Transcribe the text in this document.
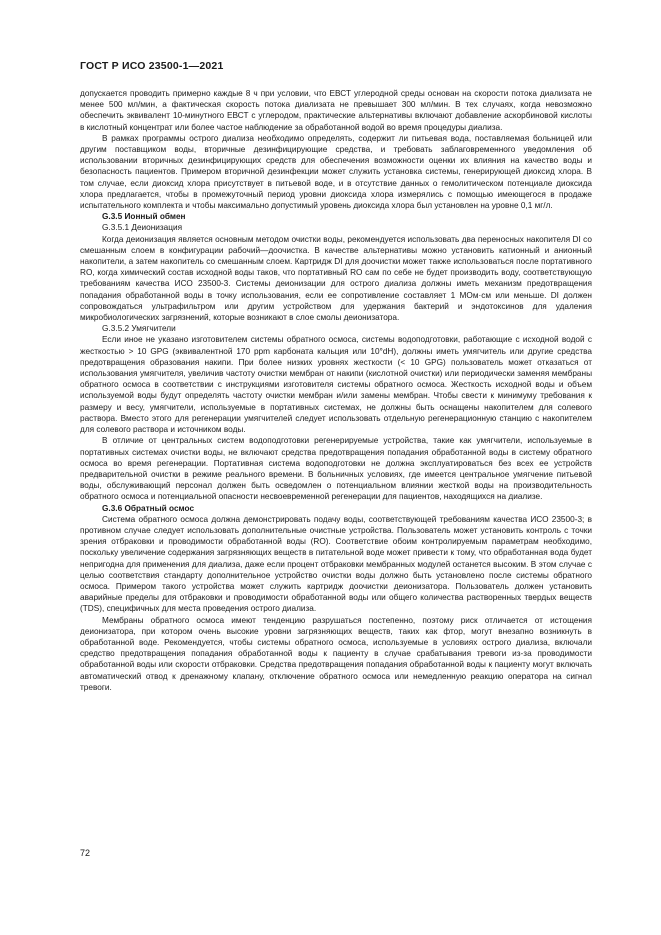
ГОСТ Р ИСО 23500-1—2021

допускается проводить примерно каждые 8 ч при условии, что ЕВСТ углеродной среды основан на скорости потока диализата не менее 500 мл/мин, а фактическая скорость потока диализата не превышает 300 мл/мин. В тех случаях, когда невозможно обеспечить эквивалент 10-минутного ЕВСТ с углеродом, практические альтернативы включают добавление аскорбиновой кислоты в кислотный концентрат или более частое наблюдение за обработанной водой во время процедуры диализа.

В рамках программы острого диализа необходимо определять, содержит ли питьевая вода, поставляемая больницей или другим поставщиком воды, вторичные дезинфицирующие средства, и требовать заблаговременного уведомления об использовании вторичных дезинфицирующих средств для обеспечения возможности оценки их влияния на качество воды и безопасность пациентов. Примером вторичной дезинфекции может служить установка системы, генерирующей диоксид хлора. В том случае, если диоксид хлора присутствует в питьевой воде, и в отсутствие данных о гемолитическом потенциале диоксида хлора предлагается, чтобы в промежуточный период уровни диоксида хлора измерялись с помощью имеющегося в продаже испытательного комплекта и чтобы максимально допустимый уровень диоксида хлора был установлен на уровне 0,1 мг/л.

G.3.5 Ионный обмен
G.3.5.1 Деионизация

Когда деионизация является основным методом очистки воды, рекомендуется использовать два переносных накопителя DI со смешанным слоем в конфигурации рабочий—доочистка. В качестве альтернативы можно установить катионный и анионный накопители, а затем накопитель со смешанным слоем. Картридж DI для доочистки может также использоваться после портативного RO, когда химический состав исходной воды таков, что портативный RO сам по себе не будет производить воду, соответствующую требованиям качества ИСО 23500-3. Системы деионизации для острого диализа должны иметь механизм предотвращения попадания обработанной воды в точку использования, если ее сопротивление составляет 1 МОм·см или меньше. DI должен сопровождаться ультрафильтром или другим устройством для удержания бактерий и эндотоксинов для удаления микробиологических загрязнений, которые возникают в слое смолы деионизатора.

G.3.5.2 Умягчители

Если иное не указано изготовителем системы обратного осмоса, системы водоподготовки, работающие с исходной водой с жесткостью > 10 GPG (эквивалентной 170 ppm карбоната кальция или 10°dH), должны иметь умягчитель или другие средства предотвращения образования накипи. При более низких уровнях жесткости (< 10 GPG) пользователь может отказаться от использования умягчителя, увеличив частоту очистки мембран от накипи (кислотной очистки) или периодически заменяя мембраны обратного осмоса в соответствии с инструкциями изготовителя системы обратного осмоса. Жесткость исходной воды и объем используемой воды будут определять частоту очистки мембран и/или замены мембран. Чтобы свести к минимуму требования к размеру и весу, умягчители, используемые в портативных системах, не должны быть оснащены накопителем для солевого раствора. Вместо этого для регенерации умягчителей следует использовать отдельную регенерационную станцию с накопителем для солевого раствора и источником воды.

В отличие от центральных систем водоподготовки регенерируемые устройства, такие как умягчители, используемые в портативных системах очистки воды, не включают средства предотвращения попадания обработанной воды в систему обратного осмоса во время регенерации. Портативная система водоподготовки не должна эксплуатироваться без всех ее устройств предварительной очистки в режиме реального времени. В больничных условиях, где имеется центральное умягчение питьевой воды, обслуживающий персонал должен быть осведомлен о потенциальном влиянии жесткой воды на производительность обратного осмоса и потенциальной опасности несвоевременной регенерации для пациентов, находящихся на диализе.

G.3.6 Обратный осмос

Система обратного осмоса должна демонстрировать подачу воды, соответствующей требованиям качества ИСО 23500-3; в противном случае следует использовать дополнительные очистные устройства. Пользователь может установить контроль с точки зрения отбраковки и проводимости обработанной воды (RO). Соответствие обоим контролируемым параметрам необходимо, поскольку увеличение содержания загрязняющих веществ в питательной воде может привести к тому, что обработанная вода будет непригодна для применения для диализа, даже если процент отбраковки мембранных модулей останется высоким. В этом случае с целью соответствия стандарту дополнительное устройство очистки воды должно быть установлено после системы обратного осмоса. Примером такого устройства может служить картридж доочистки деионизатора. Пользователь должен установить аварийные пределы для отбраковки и проводимости обработанной воды или общего количества растворенных твердых веществ (TDS), специфичных для места проведения острого диализа.

Мембраны обратного осмоса имеют тенденцию разрушаться постепенно, поэтому риск отличается от истощения деионизатора, при котором очень высокие уровни загрязняющих веществ, таких как фтор, могут внезапно возникнуть в обработанной воде. Рекомендуется, чтобы системы обратного осмоса, используемые в условиях острого диализа, включали средство предотвращения попадания обработанной воды к пациенту в случае срабатывания тревоги из-за проводимости обработанной воды или скорости отбраковки. Средства предотвращения попадания обработанной воды к пациенту могут включать автоматический отвод к дренажному клапану, отключение обратного осмоса или немедленную реакцию оператора на сигнал тревоги.

72
